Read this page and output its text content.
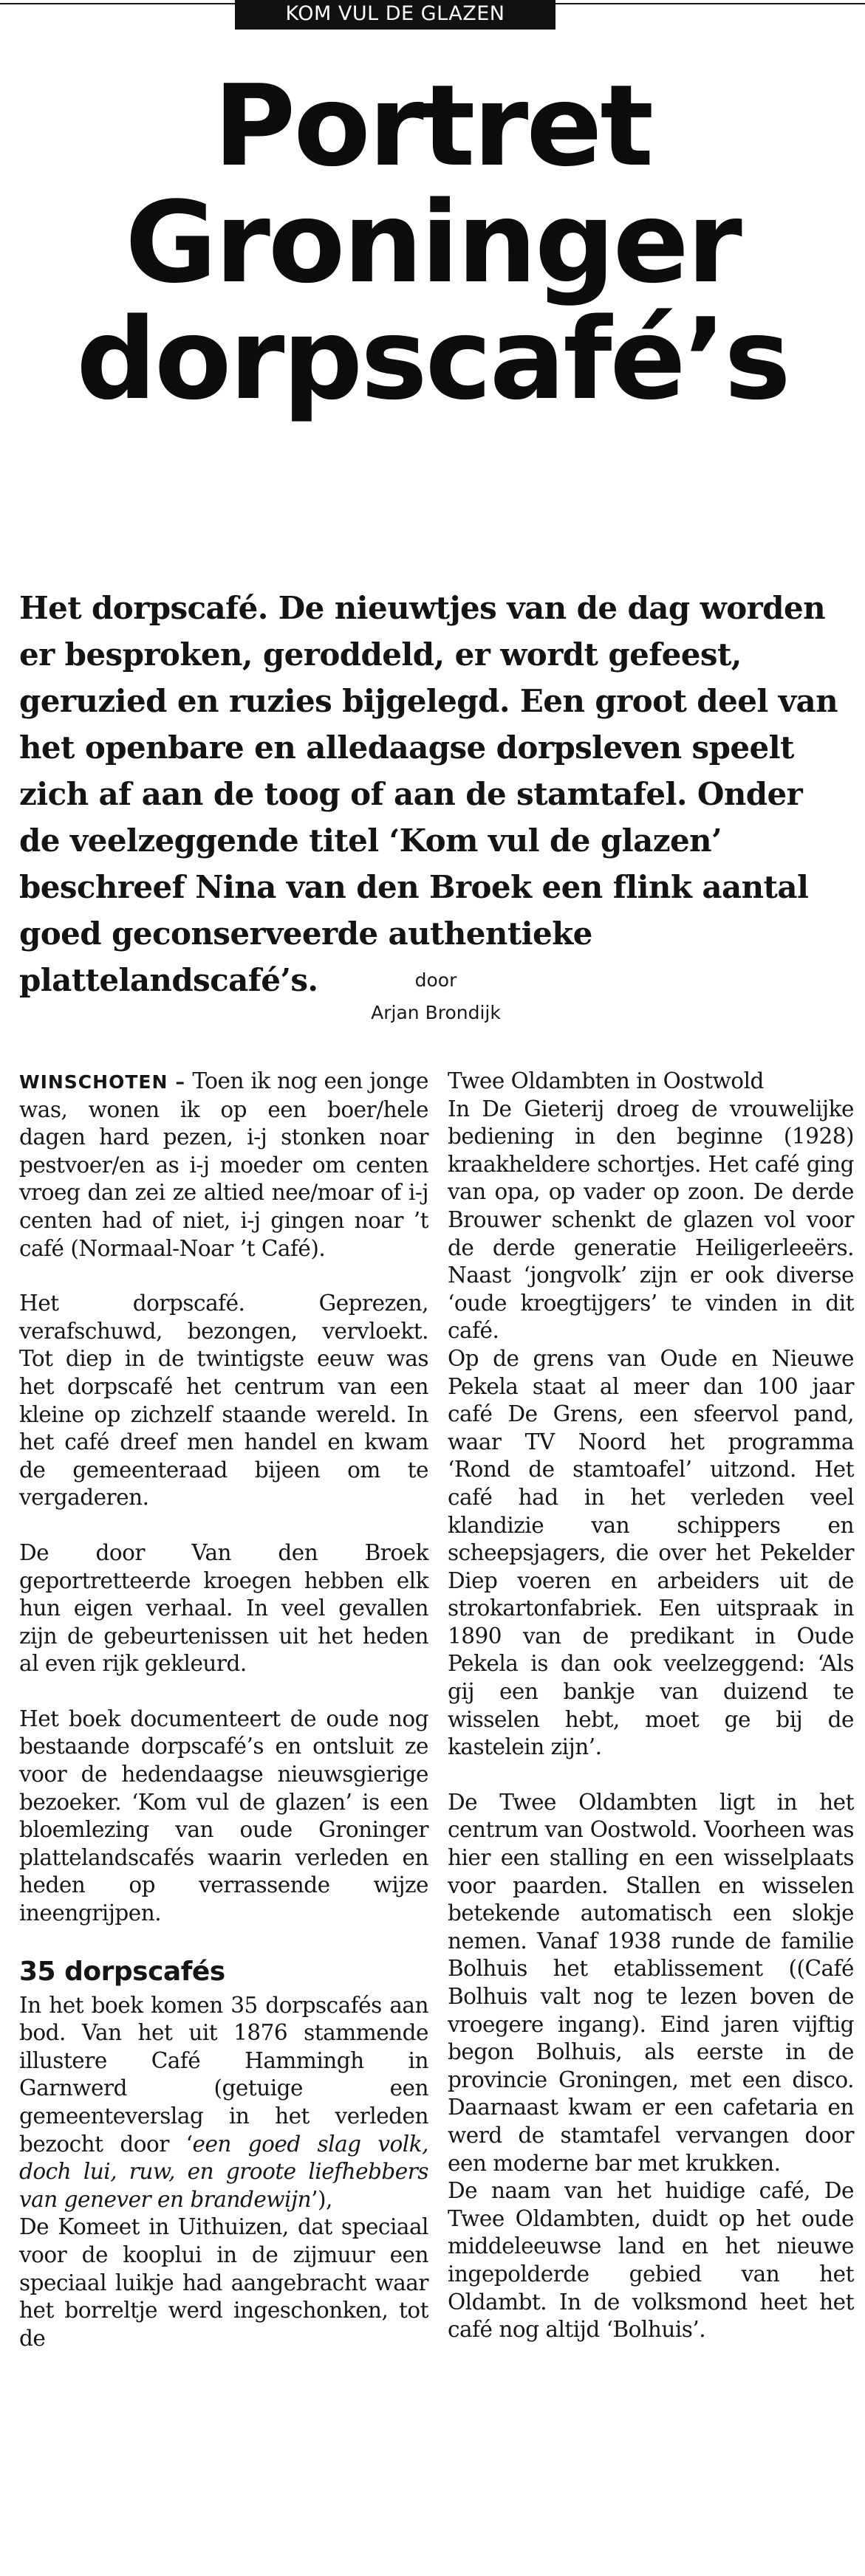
KOM VUL DE GLAZEN
Portret
Groninger
dorpscafé’s

Het dorpscafé. De nieuwtjes van de dag worden er besproken, geroddeld, er wordt gefeest, geruzied en ruzies bijgelegd. Een groot deel van het openbare en alledaagse dorpsleven speelt zich af aan de toog of aan de stamtafel. Onder de veelzeggende titel ‘Kom vul de glazen’ beschreef Nina van den Broek een flink aantal goed geconserveerde authentieke plattelandscafé’s.	door
Arjan Brondijk

WINSCHOTEN – Toen ik nog een jonge was, wonen ik op een boer/hele dagen hard pezen, i-j stonken noar pestvoer/en as i-j moeder om centen vroeg dan zei ze altied nee/moar of i-j centen had of niet, i-j gingen noar ’t café (Normaal-Noar ’t Café).

Het dorpscafé. Geprezen, verafschuwd, bezongen, vervloekt. Tot diep in de twintigste eeuw was het dorpscafé het centrum van een kleine op zichzelf staande wereld. In het café dreef men handel en kwam de gemeenteraad bijeen om te vergaderen.

De door Van den Broek geportretteerde kroegen hebben elk hun eigen verhaal. In veel gevallen zijn de gebeurtenissen uit het heden al even rijk gekleurd.

Het boek documenteert de oude nog bestaande dorpscafé’s en ontsluit ze voor de hedendaagse nieuwsgierige bezoeker. ‘Kom vul de glazen’ is een bloemlezing van oude Groninger plattelandscafés waarin verleden en heden op verrassende wijze ineengrijpen.

35 dorpscafés

In het boek komen 35 dorpscafés aan bod. Van het uit 1876 stammende illustere Café Hammingh in Garnwerd (getuige een gemeenteverslag in het verleden bezocht door ‘een goed slag volk, doch lui, ruw, en groote liefhebbers van genever en brandewijn’),

De Komeet in Uithuizen, dat speciaal voor de kooplui in de zijmuur een speciaal luikje had aangebracht waar het borreltje werd ingeschonken, tot de

Twee Oldambten in Oostwold

In De Gieterij droeg de vrouwelijke bediening in den beginne (1928) kraakheldere schortjes. Het café ging van opa, op vader op zoon. De derde Brouwer schenkt de glazen vol voor de derde generatie Heiligerleeërs. Naast ‘jongvolk’ zijn er ook diverse ‘oude kroegtijgers’ te vinden in dit café.

Op de grens van Oude en Nieuwe Pekela staat al meer dan 100 jaar café De Grens, een sfeervol pand, waar TV Noord het programma ‘Rond de stamtoafel’ uitzond. Het café had in het verleden veel klandizie van schippers en scheepsjagers, die over het Pekelder Diep voeren en arbeiders uit de strokartonfabriek. Een uitspraak in 1890 van de predikant in Oude Pekela is dan ook veelzeggend: ‘Als gij een bankje van duizend te wisselen hebt, moet ge bij de kastelein zijn’.

De Twee Oldambten ligt in het centrum van Oostwold. Voorheen was hier een stalling en een wisselplaats voor paarden. Stallen en wisselen betekende automatisch een slokje nemen. Vanaf 1938 runde de familie Bolhuis het etablissement ((Café Bolhuis valt nog te lezen boven de vroegere ingang). Eind jaren vijftig begon Bolhuis, als eerste in de provincie Groningen, met een disco. Daarnaast kwam er een cafetaria en werd de stamtafel vervangen door een moderne bar met krukken.

De naam van het huidige café, De Twee Oldambten, duidt op het oude middeleeuwse land en het nieuwe ingepolderde gebied van het Oldambt. In de volksmond heet het café nog altijd ‘Bolhuis’.
